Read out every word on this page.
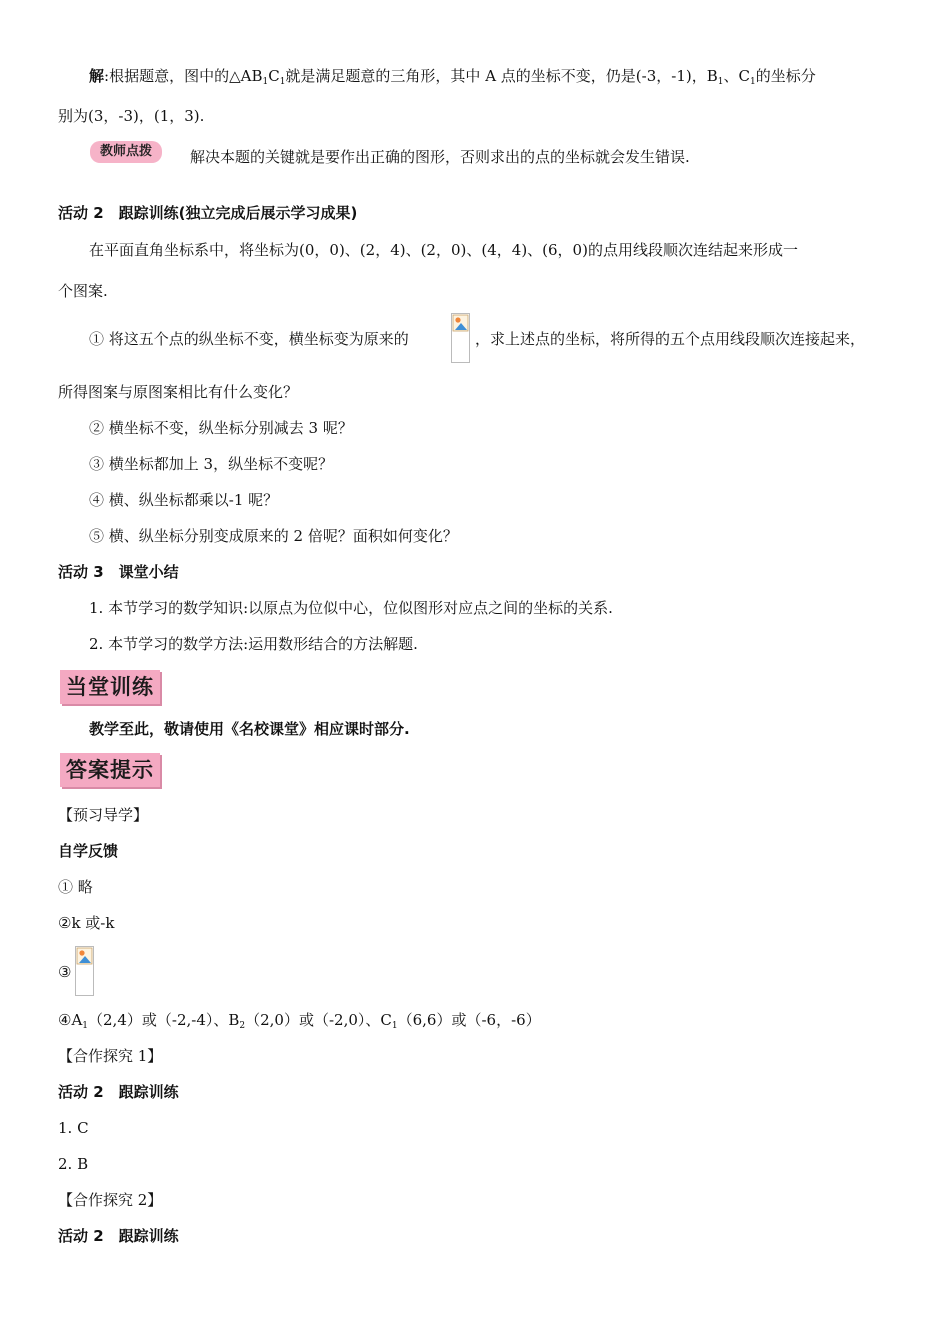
解:根据题意，图中的$\triangle AB_1C_1$就是满足题意的三角形，其中 A 点的坐标不变，仍是(-3，-1)，$B_1$、$C_1$的坐标分
别为(3，-3)，(1，3).
教师点拨	解决本题的关键就是要作出正确的图形，否则求出的点的坐标就会发生错误.
活动 2　跟踪训练(独立完成后展示学习成果)
在平面直角坐标系中，将坐标为(0，0)、(2，4)、(2，0)、(4，4)、(6，0)的点用线段顺次连结起来形成一
个图案.
① 将这五个点的纵坐标不变，横坐标变为原来的	，求上述点的坐标，将所得的五个点用线段顺次连接起来，
所得图案与原图案相比有什么变化？
② 横坐标不变，纵坐标分别减去 3 呢？
③ 横坐标都加上 3，纵坐标不变呢？
④ 横、纵坐标都乘以-1 呢？
⑤ 横、纵坐标分别变成原来的 2 倍呢？面积如何变化？
活动 3　课堂小结
1. 本节学习的数学知识:以原点为位似中心，位似图形对应点之间的坐标的关系.
2. 本节学习的数学方法:运用数形结合的方法解题.
当堂训练
教学至此，敬请使用《名校课堂》相应课时部分.
答案提示
【预习导学】
自学反馈
① 略
②k 或-k
③
$④A_1(2,4)$或（-2,-4）、$B_2(2,0)$或（-2,0）、$C_1(6,6)$或（-6，-6）
【合作探究 1】
活动 2　跟踪训练
1. C
2. B
【合作探究 2】
活动 2　跟踪训练
